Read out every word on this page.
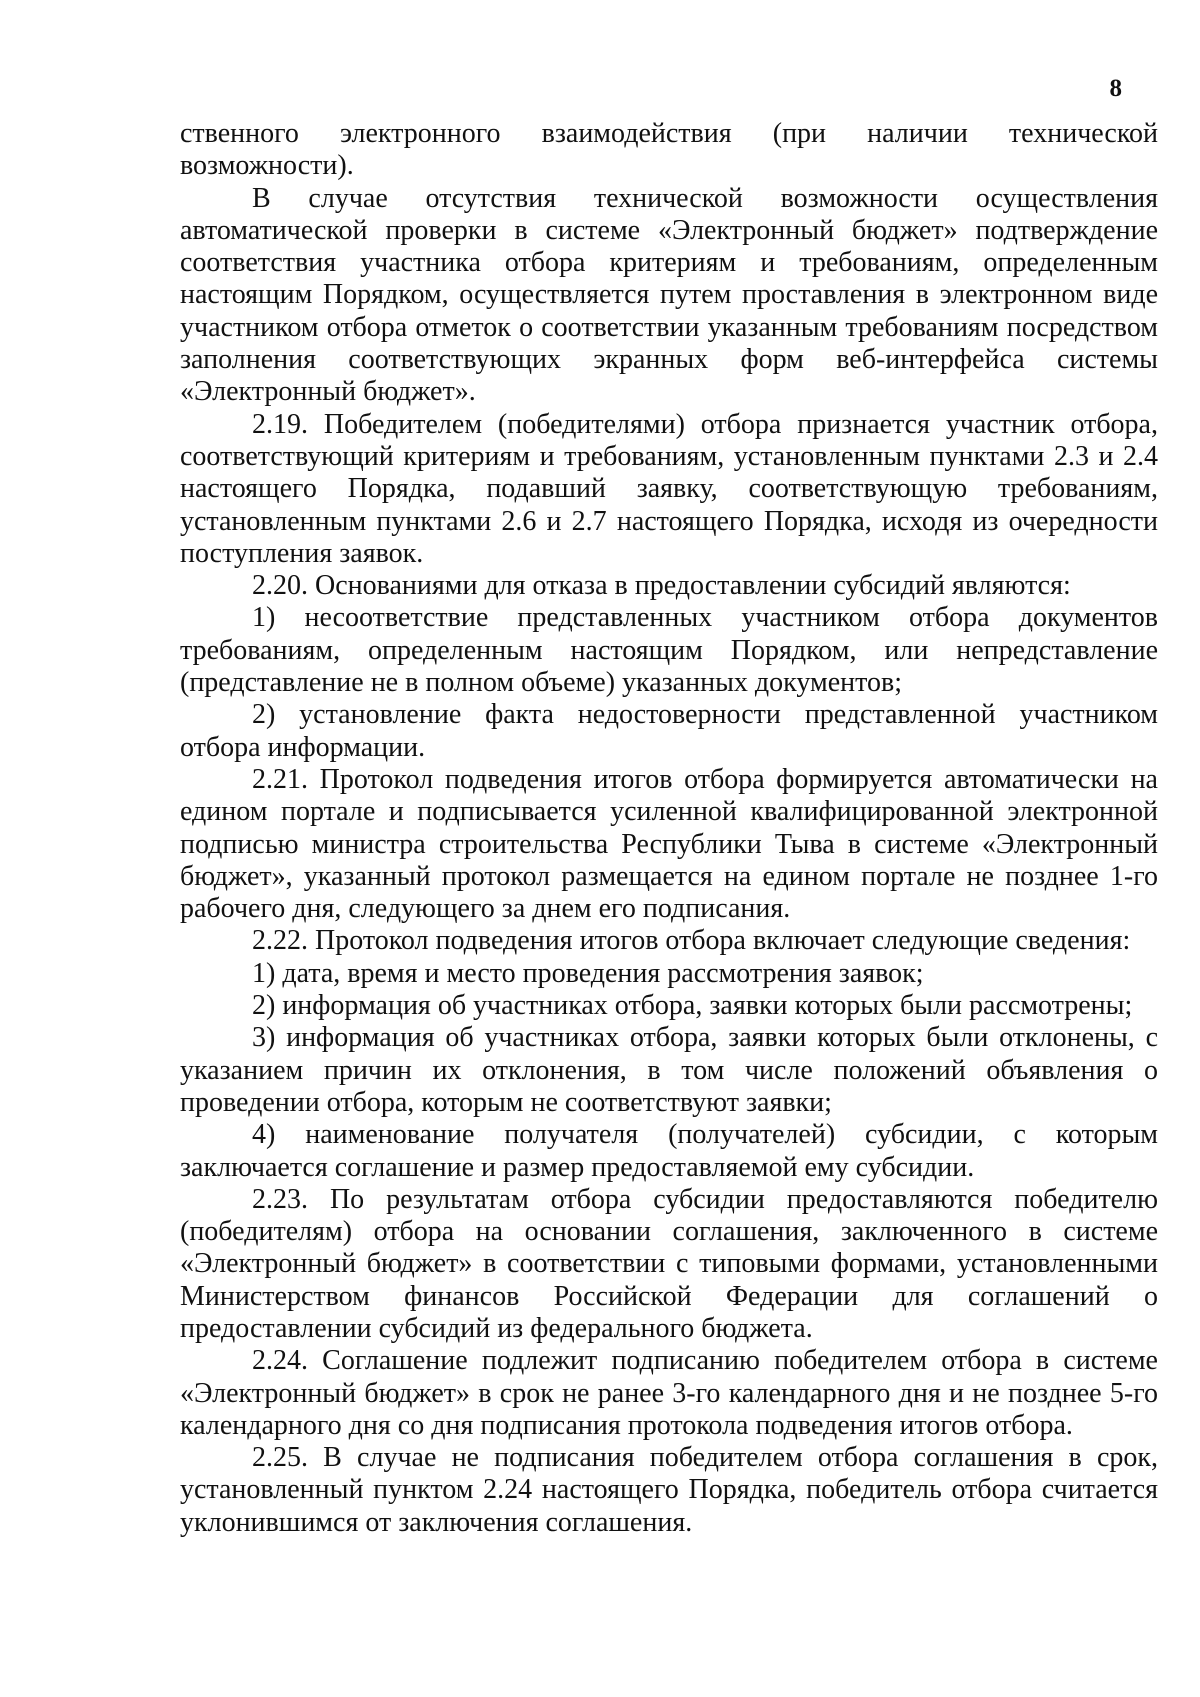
8

ственного электронного взаимодействия (при наличии технической возможности).

В случае отсутствия технической возможности осуществления автоматической проверки в системе «Электронный бюджет» подтверждение соответствия участника отбора критериям и требованиям, определенным настоящим Порядком, осуществляется путем проставления в электронном виде участником отбора отметок о соответствии указанным требованиям посредством заполнения соответствующих экранных форм веб-интерфейса системы «Электронный бюджет».

2.19. Победителем (победителями) отбора признается участник отбора, соответствующий критериям и требованиям, установленным пунктами 2.3 и 2.4 настоящего Порядка, подавший заявку, соответствующую требованиям, установленным пунктами 2.6 и 2.7 настоящего Порядка, исходя из очередности поступления заявок.

2.20. Основаниями для отказа в предоставлении субсидий являются:

1) несоответствие представленных участником отбора документов требованиям, определенным настоящим Порядком, или непредставление (представление не в полном объеме) указанных документов;

2) установление факта недостоверности представленной участником отбора информации.

2.21. Протокол подведения итогов отбора формируется автоматически на едином портале и подписывается усиленной квалифицированной электронной подписью министра строительства Республики Тыва в системе «Электронный бюджет», указанный протокол размещается на едином портале не позднее 1-го рабочего дня, следующего за днем его подписания.

2.22. Протокол подведения итогов отбора включает следующие сведения:

1) дата, время и место проведения рассмотрения заявок;

2) информация об участниках отбора, заявки которых были рассмотрены;

3) информация об участниках отбора, заявки которых были отклонены, с указанием причин их отклонения, в том числе положений объявления о проведении отбора, которым не соответствуют заявки;

4) наименование получателя (получателей) субсидии, с которым заключается соглашение и размер предоставляемой ему субсидии.

2.23. По результатам отбора субсидии предоставляются победителю (победителям) отбора на основании соглашения, заключенного в системе «Электронный бюджет» в соответствии с типовыми формами, установленными Министерством финансов Российской Федерации для соглашений о предоставлении субсидий из федерального бюджета.

2.24. Соглашение подлежит подписанию победителем отбора в системе «Электронный бюджет» в срок не ранее 3-го календарного дня и не позднее 5-го календарного дня со дня подписания протокола подведения итогов отбора.

2.25. В случае не подписания победителем отбора соглашения в срок, установленный пунктом 2.24 настоящего Порядка, победитель отбора считается уклонившимся от заключения соглашения.
